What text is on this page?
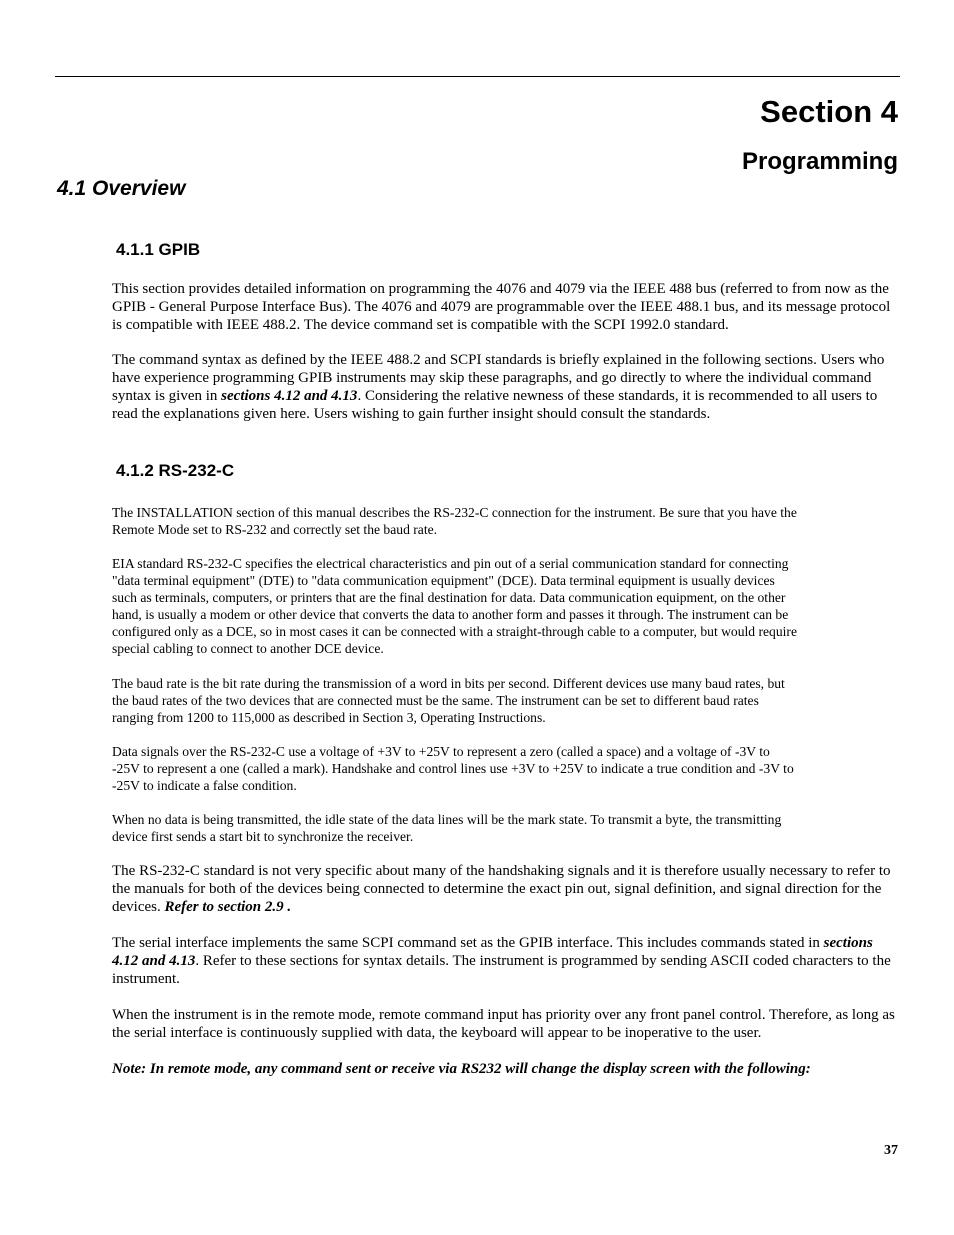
Section 4
Programming
4.1 Overview
4.1.1 GPIB

This section provides detailed information on programming the 4076 and 4079 via the IEEE 488 bus (referred to from now as the GPIB - General Purpose Interface Bus). The 4076 and 4079 are programmable over the IEEE 488.1 bus, and its message protocol is compatible with IEEE 488.2. The device command set is compatible with the SCPI 1992.0 standard.

The command syntax as defined by the IEEE 488.2 and SCPI standards is briefly explained in the following sections. Users who have experience programming GPIB instruments may skip these paragraphs, and go directly to where the individual command syntax is given in sections 4.12 and 4.13. Considering the relative newness of these standards, it is recommended to all users to read the explanations given here. Users wishing to gain further insight should consult the standards.

4.1.2 RS-232-C

The INSTALLATION section of this manual describes the RS-232-C connection for the instrument. Be sure that you have the Remote Mode set to RS-232 and correctly set the baud rate.

EIA standard RS-232-C specifies the electrical characteristics and pin out of a serial communication standard for connecting "data terminal equipment" (DTE) to "data communication equipment" (DCE). Data terminal equipment is usually devices such as terminals, computers, or printers that are the final destination for data. Data communication equipment, on the other hand, is usually a modem or other device that converts the data to another form and passes it through. The instrument can be configured only as a DCE, so in most cases it can be connected with a straight-through cable to a computer, but would require special cabling to connect to another DCE device.

The baud rate is the bit rate during the transmission of a word in bits per second. Different devices use many baud rates, but the baud rates of the two devices that are connected must be the same. The instrument can be set to different baud rates ranging from 1200 to 115,000 as described in Section 3, Operating Instructions.

Data signals over the RS-232-C use a voltage of +3V to +25V to represent a zero (called a space) and a voltage of -3V to -25V to represent a one (called a mark). Handshake and control lines use +3V to +25V to indicate a true condition and -3V to -25V to indicate a false condition.

When no data is being transmitted, the idle state of the data lines will be the mark state. To transmit a byte, the transmitting device first sends a start bit to synchronize the receiver.

The RS-232-C standard is not very specific about many of the handshaking signals and it is therefore usually necessary to refer to the manuals for both of the devices being connected to determine the exact pin out, signal definition, and signal direction for the devices. Refer to section 2.9 .

The serial interface implements the same SCPI command set as the GPIB interface. This includes commands stated in sections 4.12 and 4.13. Refer to these sections for syntax details. The instrument is programmed by sending ASCII coded characters to the instrument.

When the instrument is in the remote mode, remote command input has priority over any front panel control. Therefore, as long as the serial interface is continuously supplied with data, the keyboard will appear to be inoperative to the user.

Note: In remote mode, any command sent or receive via RS232 will change the display screen with the following:

37
